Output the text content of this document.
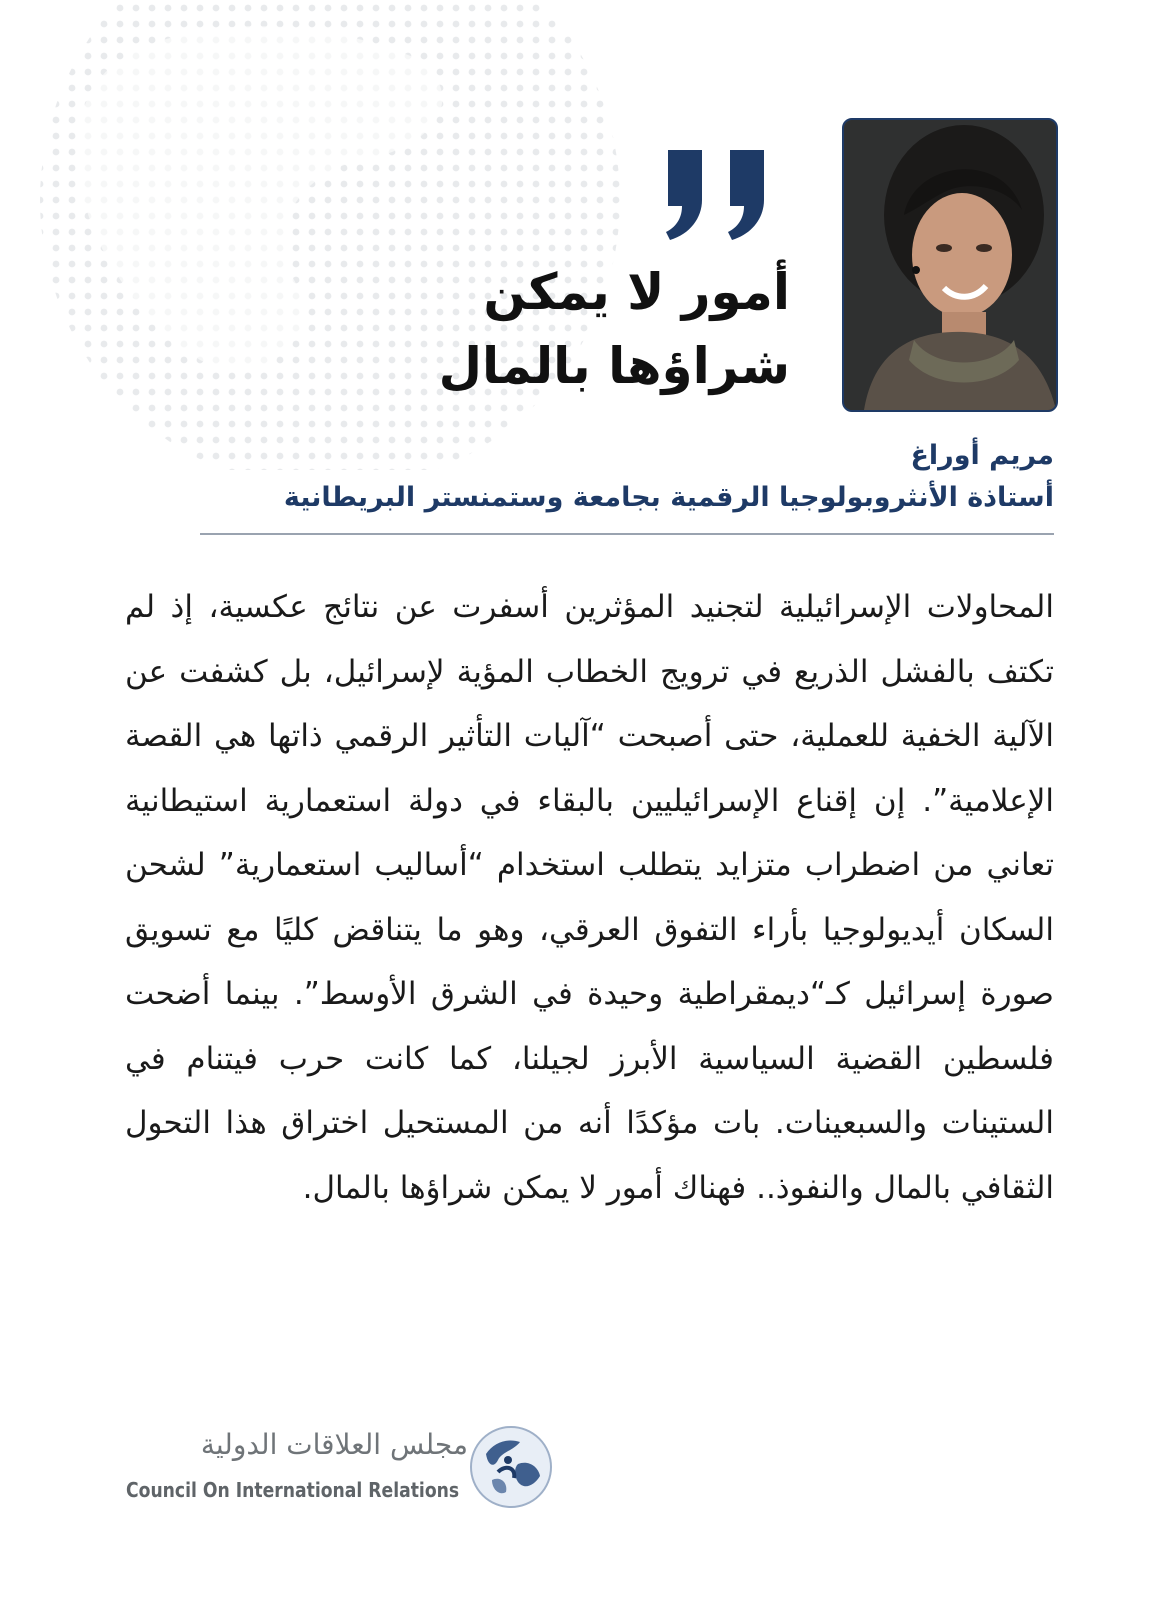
أمور لا يمكن شراؤها بالمال
مريم أوراغ
أستاذة الأنثروبولوجيا الرقمية بجامعة وستمنستر البريطانية
المحاولات الإسرائيلية لتجنيد المؤثرين أسفرت عن نتائج عكسية، إذ لم تكتف بالفشل الذريع في ترويج الخطاب المؤية لإسرائيل، بل كشفت عن الآلية الخفية للعملية، حتى أصبحت “آليات التأثير الرقمي ذاتها هي القصة الإعلامية”. إن إقناع الإسرائيليين بالبقاء في دولة استعمارية استيطانية تعاني من اضطراب متزايد يتطلب استخدام “أساليب استعمارية” لشحن السكان أيديولوجيا بأراء التفوق العرقي، وهو ما يتناقض كليًا مع تسويق صورة إسرائيل كـ“ديمقراطية وحيدة في الشرق الأوسط”. بينما أضحت فلسطين القضية السياسية الأبرز لجيلنا، كما كانت حرب فيتنام في الستينات والسبعينات. بات مؤكدًا أنه من المستحيل اختراق هذا التحول الثقافي بالمال والنفوذ.. فهناك أمور لا يمكن شراؤها بالمال.
مجلس العلاقات الدولية
Council On International Relations
